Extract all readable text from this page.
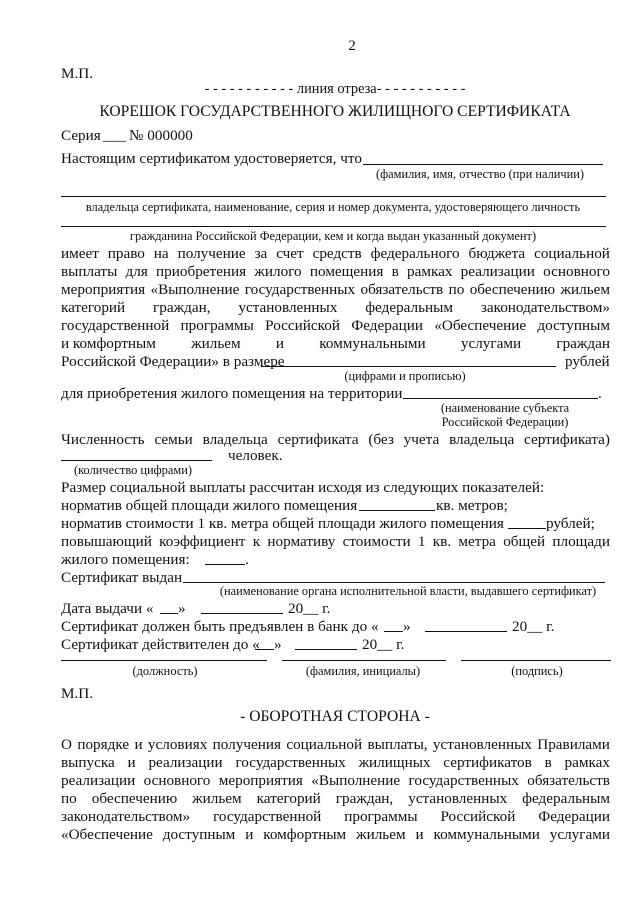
2
М.П.
- - - - - - - - - - - линия отреза- - - - - - - - - - -
КОРЕШОК ГОСУДАРСТВЕННОГО ЖИЛИЩНОГО СЕРТИФИКАТА
Серия ___ № 000000
Настоящим сертификатом удостоверяется, что
(фамилия, имя, отчество (при наличии)
владельца сертификата, наименование, серия и номер документа, удостоверяющего личность
гражданина Российской Федерации, кем и когда выдан указанный документ)
имеет право на получение за счет средств федерального бюджета социальной
выплаты для приобретения жилого помещения в рамках реализации основного
мероприятия «Выполнение государственных обязательств по обеспечению жильем
категорий граждан, установленных федеральным законодательством»
государственной программы Российской Федерации «Обеспечение доступным
и комфортным жильем и коммунальными услугами граждан
Российской Федерации» в размере	рублей
(цифрами и прописью)
для приобретения жилого помещения на территории	.
(наименование субъекта
Российской Федерации)
Численность семьи владельца сертификата (без учета владельца сертификата)
человек.
(количество цифрами)
Размер социальной выплаты рассчитан исходя из следующих показателей:
норматив общей площади жилого помещения	кв. метров;
норматив стоимости 1 кв. метра общей площади жилого помещения	рублей;
повышающий коэффициент к нормативу стоимости 1 кв. метра общей площади
жилого помещения:	.
Сертификат выдан
(наименование органа исполнительной власти, выдавшего сертификат)
Дата выдачи « »	20__ г.
Сертификат должен быть предъявлен в банк до « »	20__ г.
Сертификат действителен до « »	20__ г.
(должность)	(фамилия, инициалы)	(подпись)
М.П.
- ОБОРОТНАЯ СТОРОНА -
О порядке и условиях получения социальной выплаты, установленных Правилами
выпуска и реализации государственных жилищных сертификатов в рамках
реализации основного мероприятия «Выполнение государственных обязательств
по обеспечению жильем категорий граждан, установленных федеральным
законодательством» государственной программы Российской Федерации
«Обеспечение доступным и комфортным жильем и коммунальными услугами
